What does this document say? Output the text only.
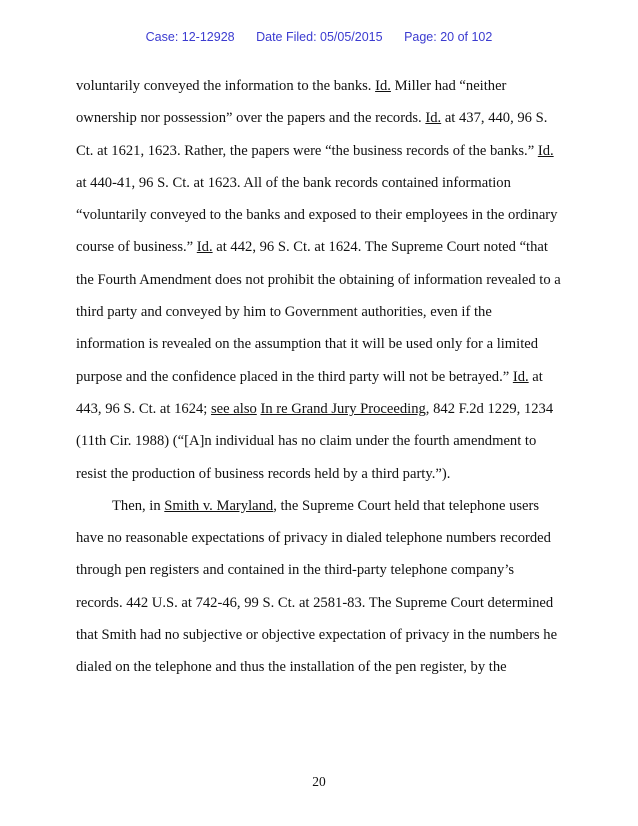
Case: 12-12928 Date Filed: 05/05/2015 Page: 20 of 102
voluntarily conveyed the information to the banks. Id. Miller had “neither
ownership nor possession” over the papers and the records. Id. at 437, 440, 96 S.
Ct. at 1621, 1623. Rather, the papers were “the business records of the banks.” Id.
at 440-41, 96 S. Ct. at 1623. All of the bank records contained information
“voluntarily conveyed to the banks and exposed to their employees in the ordinary
course of business.” Id. at 442, 96 S. Ct. at 1624. The Supreme Court noted “that
the Fourth Amendment does not prohibit the obtaining of information revealed to a
third party and conveyed by him to Government authorities, even if the
information is revealed on the assumption that it will be used only for a limited
purpose and the confidence placed in the third party will not be betrayed.” Id. at
443, 96 S. Ct. at 1624; see also In re Grand Jury Proceeding, 842 F.2d 1229, 1234
(11th Cir. 1988) (“[A]n individual has no claim under the fourth amendment to
resist the production of business records held by a third party.”).
Then, in Smith v. Maryland, the Supreme Court held that telephone users
have no reasonable expectations of privacy in dialed telephone numbers recorded
through pen registers and contained in the third-party telephone company’s
records. 442 U.S. at 742-46, 99 S. Ct. at 2581-83. The Supreme Court determined
that Smith had no subjective or objective expectation of privacy in the numbers he
dialed on the telephone and thus the installation of the pen register, by the
20
